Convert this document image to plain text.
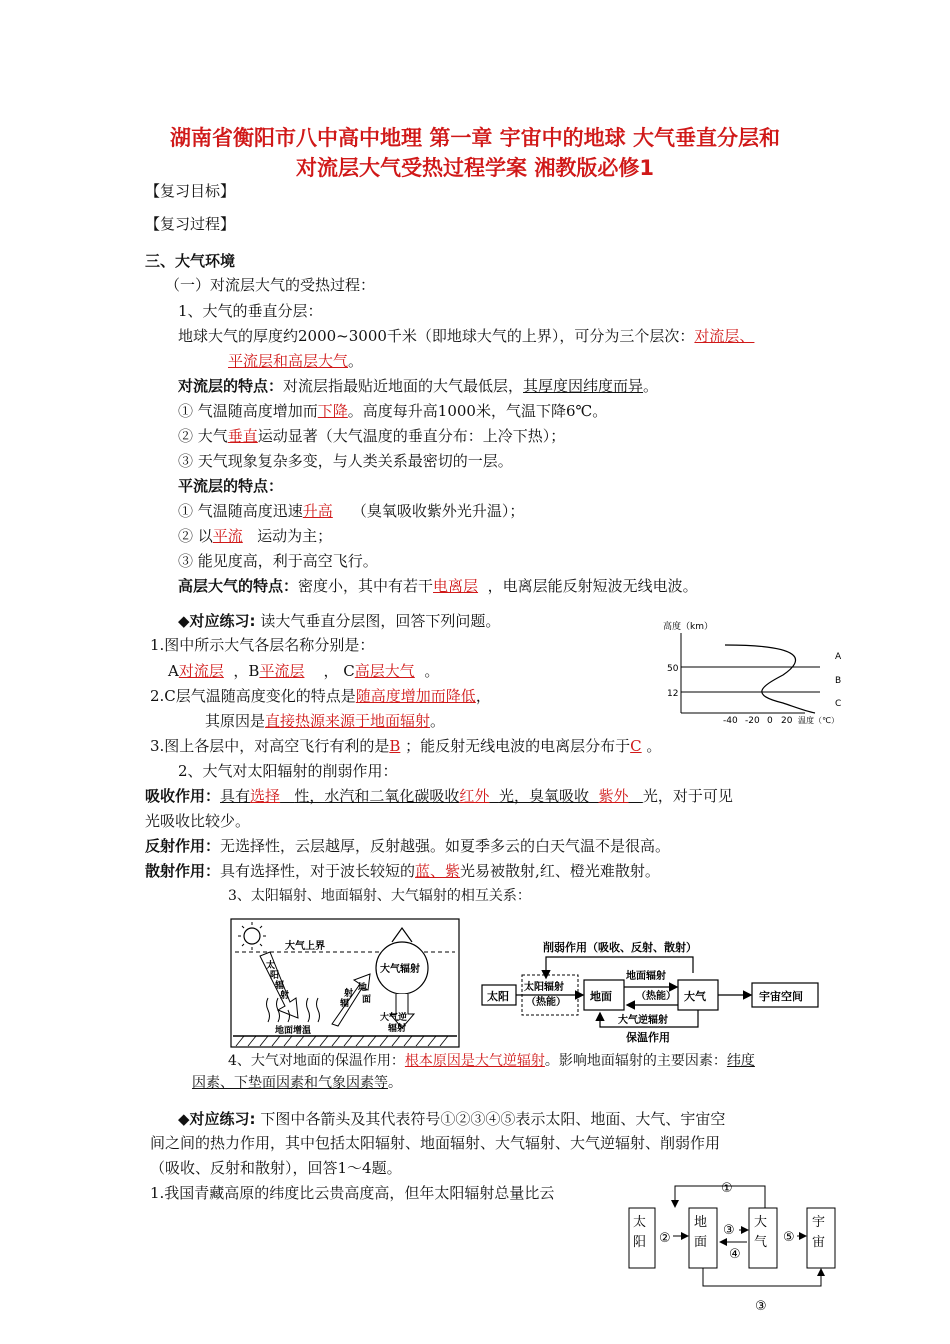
湖南省衡阳市八中高中地理 第一章 宇宙中的地球 大气垂直分层和
对流层大气受热过程学案 湘教版必修1
【复习目标】
【复习过程】
三、大气环境
（一）对流层大气的受热过程：
1、大气的垂直分层：
地球大气的厚度约2000~3000千米（即地球大气的上界），可分为三个层次：对流层、
平流层和高层大气。
对流层的特点：对流层指最贴近地面的大气最低层，其厚度因纬度而异。
① 气温随高度增加而下降。高度每升高1000米，气温下降6℃。
② 大气垂直运动显著（大气温度的垂直分布：上冷下热）；
③ 天气现象复杂多变，与人类关系最密切的一层。
平流层的特点：
① 气温随高度迅速升高 （臭氧吸收紫外光升温）；
② 以平流 运动为主；
③ 能见度高，利于高空飞行。
高层大气的特点：密度小，其中有若干电离层 ，电离层能反射短波无线电波。
◆对应练习: 读大气垂直分层图，回答下列问题。
1.图中所示大气各层名称分别是：
A对流层 ，B平流层 ， C高层大气 。
2.C层气温随高度变化的特点是随高度增加而降低，
其原因是直接热源来源于地面辐射。
3.图上各层中，对高空飞行有利的是B ；能反射无线电波的电离层分布于C 。
高度（km）
50
12
-40 -20 0 20 温度（℃）
A
B
C
2、大气对太阳辐射的削弱作用：
吸收作用：具有选择 性，水汽和二氧化碳吸收红外 光，臭氧吸收 紫外 光，对于可见
光吸收比较少。
反射作用：无选择性，云层越厚，反射越强。如夏季多云的白天气温不是很高。
散射作用：具有选择性，对于波长较短的蓝、紫光易被散射,红、橙光难散射。
3、太阳辐射、地面辐射、大气辐射的相互关系：
大气上界
太
阳
辐
射
地面增温
辐
射
地
面
大气辐射
大气逆
辐射
削弱作用（吸收、反射、散射）
太阳
太阳辐射
（热能） 地面
地面辐射
（热能） 大气	宇宙空间
大气逆辐射
保温作用
4、大气对地面的保温作用：根本原因是大气逆辐射。影响地面辐射的主要因素：纬度
因素、下垫面因素和气象因素等。
◆对应练习: 下图中各箭头及其代表符号①②③④⑤表示太阳、地面、大气、宇宙空
间之间的热力作用，其中包括太阳辐射、地面辐射、大气辐射、大气逆辐射、削弱作用
（吸收、反射和散射），回答1～4题。
1.我国青藏高原的纬度比云贵高度高，但年太阳辐射总量比云	①
太
阳 ②
地
面
③
④
大
气 ⑤
宇
宙
③
